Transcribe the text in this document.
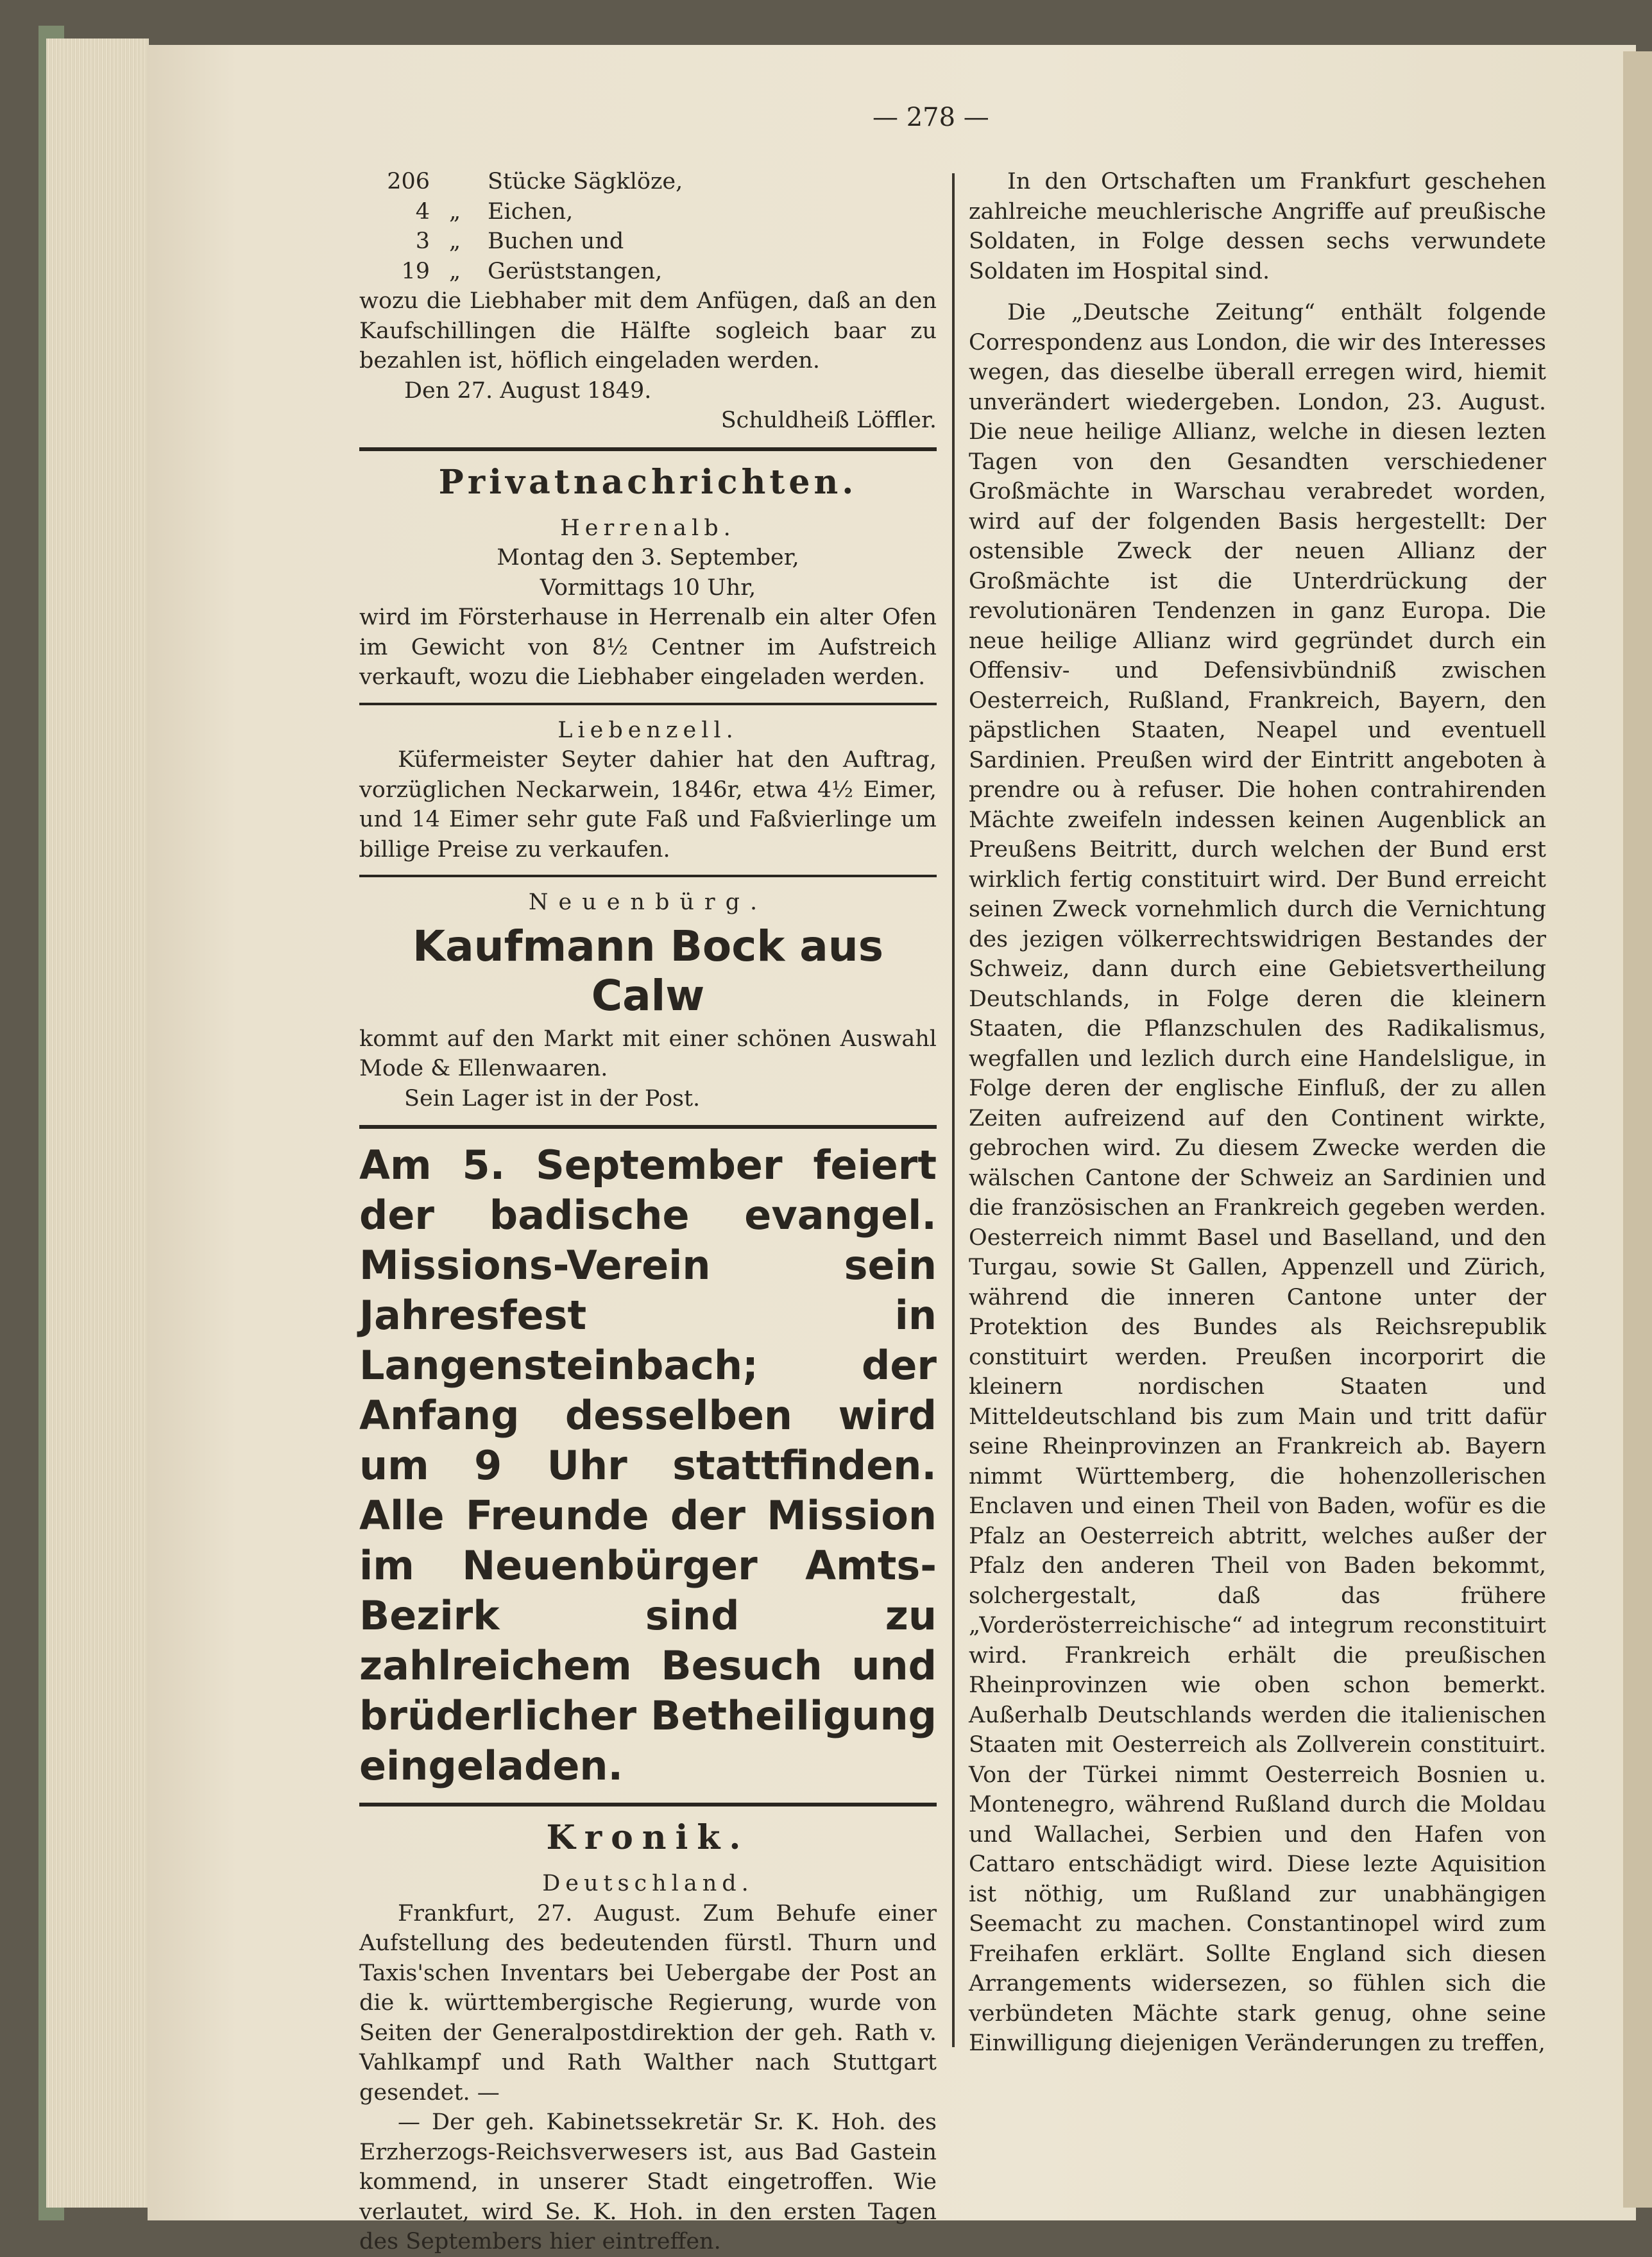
— 278 —
206	Stücke Sägklöze,
4 „	Eichen,
3 „	Buchen und
19 „	Gerüststangen,

wozu die Liebhaber mit dem Anfügen, daß an den Kaufschillingen die Hälfte sogleich baar zu bezahlen ist, höflich eingeladen werden.

Den 27. August 1849.

Schuldheiß Löffler.

Privatnachrichten.

Herrenalb.

Montag den 3. September,

Vormittags 10 Uhr,

wird im Försterhause in Herrenalb ein alter Ofen im Gewicht von 8½ Centner im Aufstreich verkauft, wozu die Liebhaber eingeladen werden.

Liebenzell.

Küfermeister Seyter dahier hat den Auftrag, vorzüglichen Neckarwein, 1846r, etwa 4½ Eimer, und 14 Eimer sehr gute Faß und Faßvierlinge um billige Preise zu verkaufen.

Neuenbürg.

Kaufmann Bock aus Calw

kommt auf den Markt mit einer schönen Auswahl Mode & Ellenwaaren.

Sein Lager ist in der Post.

Am 5. September feiert der badische evangel. Missions-Verein sein Jahresfest in Langensteinbach; der Anfang desselben wird um 9 Uhr stattfinden. Alle Freunde der Mission im Neuenbürger Amts-Bezirk sind zu zahlreichem Besuch und brüderlicher Betheiligung eingeladen.

Kronik.

Deutschland.

Frankfurt, 27. August. Zum Behufe einer Aufstellung des bedeutenden fürstl. Thurn und Taxis'schen Inventars bei Uebergabe der Post an die k. württembergische Regierung, wurde von Seiten der Generalpostdirektion der geh. Rath v. Vahlkampf und Rath Walther nach Stuttgart gesendet. —

— Der geh. Kabinetssekretär Sr. K. Hoh. des Erzherzogs-Reichsverwesers ist, aus Bad Gastein kommend, in unserer Stadt eingetroffen. Wie verlautet, wird Se. K. Hoh. in den ersten Tagen des Septembers hier eintreffen.

In den Ortschaften um Frankfurt geschehen zahlreiche meuchlerische Angriffe auf preußische Soldaten, in Folge dessen sechs verwundete Soldaten im Hospital sind.

Die „Deutsche Zeitung“ enthält folgende Correspondenz aus London, die wir des Interesses wegen, das dieselbe überall erregen wird, hiemit unverändert wiedergeben. London, 23. August. Die neue heilige Allianz, welche in diesen lezten Tagen von den Gesandten verschiedener Großmächte in Warschau verabredet worden, wird auf der folgenden Basis hergestellt: Der ostensible Zweck der neuen Allianz der Großmächte ist die Unterdrückung der revolutionären Tendenzen in ganz Europa. Die neue heilige Allianz wird gegründet durch ein Offensiv- und Defensivbündniß zwischen Oesterreich, Rußland, Frankreich, Bayern, den päpstlichen Staaten, Neapel und eventuell Sardinien. Preußen wird der Eintritt angeboten à prendre ou à refuser. Die hohen contrahirenden Mächte zweifeln indessen keinen Augenblick an Preußens Beitritt, durch welchen der Bund erst wirklich fertig constituirt wird. Der Bund erreicht seinen Zweck vornehmlich durch die Vernichtung des jezigen völkerrechtswidrigen Bestandes der Schweiz, dann durch eine Gebietsvertheilung Deutschlands, in Folge deren die kleinern Staaten, die Pflanzschulen des Radikalismus, wegfallen und lezlich durch eine Handelsligue, in Folge deren der englische Einfluß, der zu allen Zeiten aufreizend auf den Continent wirkte, gebrochen wird. Zu diesem Zwecke werden die wälschen Cantone der Schweiz an Sardinien und die französischen an Frankreich gegeben werden. Oesterreich nimmt Basel und Baselland, und den Turgau, sowie St Gallen, Appenzell und Zürich, während die inneren Cantone unter der Protektion des Bundes als Reichsrepublik constituirt werden. Preußen incorporirt die kleinern nordischen Staaten und Mitteldeutschland bis zum Main und tritt dafür seine Rheinprovinzen an Frankreich ab. Bayern nimmt Württemberg, die hohenzollerischen Enclaven und einen Theil von Baden, wofür es die Pfalz an Oesterreich abtritt, welches außer der Pfalz den anderen Theil von Baden bekommt, solchergestalt, daß das frühere „Vorderösterreichische“ ad integrum reconstituirt wird. Frankreich erhält die preußischen Rheinprovinzen wie oben schon bemerkt. Außerhalb Deutschlands werden die italienischen Staaten mit Oesterreich als Zollverein constituirt. Von der Türkei nimmt Oesterreich Bosnien u. Montenegro, während Rußland durch die Moldau und Wallachei, Serbien und den Hafen von Cattaro entschädigt wird. Diese lezte Aquisition ist nöthig, um Rußland zur unabhängigen Seemacht zu machen. Constantinopel wird zum Freihafen erklärt. Sollte England sich diesen Arrangements widersezen, so fühlen sich die verbündeten Mächte stark genug, ohne seine Einwilligung diejenigen Veränderungen zu treffen,
